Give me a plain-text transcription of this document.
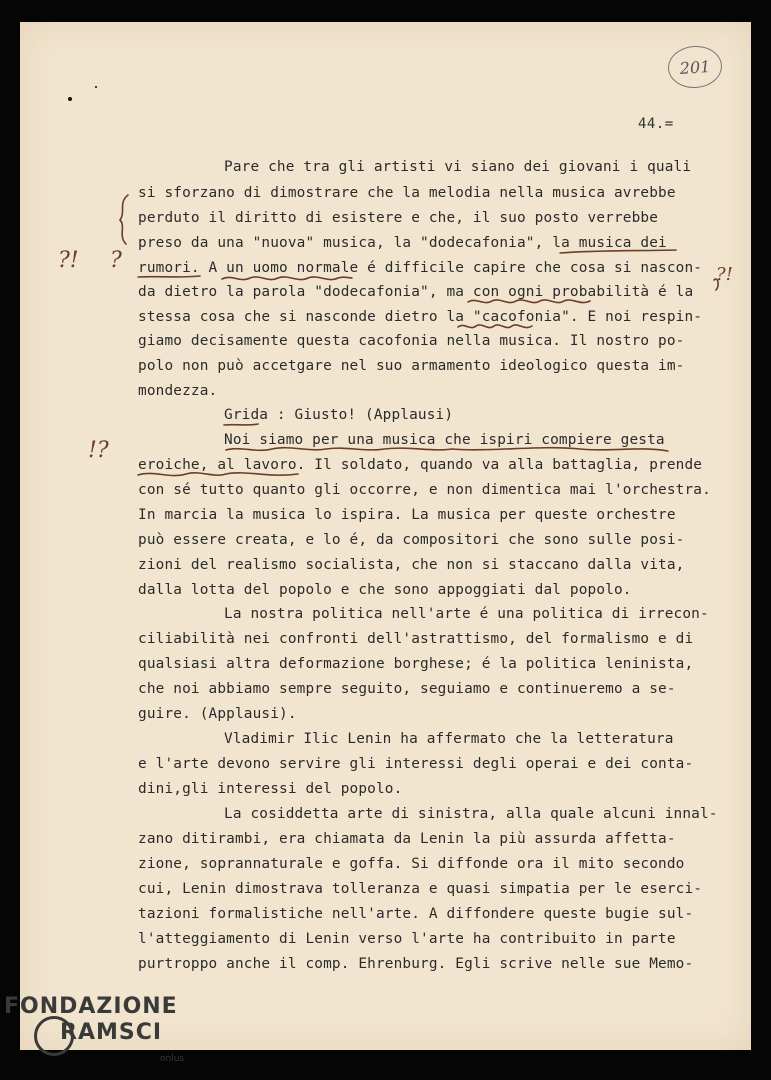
201
44.=
Pare che tra gli artisti vi siano dei giovani i quali
si sforzano di dimostrare che la melodia nella musica avrebbe
perduto il diritto di esistere e che, il suo posto verrebbe
preso da una "nuova" musica, la "dodecafonia", la musica dei
rumori. A un uomo normale é difficile capire che cosa si nascon-
da dietro la parola "dodecafonia", ma con ogni probabilità é la
stessa cosa che si nasconde dietro la "cacofonia". E noi respin-
giamo decisamente questa cacofonia nella musica. Il nostro po-
polo non può accetgare nel suo armamento ideologico questa im-
mondezza.
Grida : Giusto! (Applausi)
Noi siamo per una musica che ispiri compiere gesta
eroiche, al lavoro. Il soldato, quando va alla battaglia, prende
con sé tutto quanto gli occorre, e non dimentica mai l'orchestra.
In marcia la musica lo ispira. La musica per queste orchestre
può essere creata, e lo é, da compositori che sono sulle posi-
zioni del realismo socialista, che non si staccano dalla vita,
dalla lotta del popolo e che sono appoggiati dal popolo.
La nostra politica nell'arte é una politica di irrecon-
ciliabilità nei confronti dell'astrattismo, del formalismo e di
qualsiasi altra deformazione borghese; é la politica leninista,
che noi abbiamo sempre seguito, seguiamo e continueremo a se-
guire. (Applausi).
Vladimir Ilic Lenin ha affermato che la letteratura
e l'arte devono servire gli interessi degli operai e dei conta-
dini,gli interessi del popolo.
La cosiddetta arte di sinistra, alla quale alcuni innal-
zano ditirambi, era chiamata da Lenin la più assurda affetta-
zione, soprannaturale e goffa. Si diffonde ora il mito secondo
cui, Lenin dimostrava tolleranza e quasi simpatia per le eserci-
tazioni formalistiche nell'arte. A diffondere queste bugie sul-
l'atteggiamento di Lenin verso l'arte ha contribuito in parte
purtroppo anche il comp. Ehrenburg. Egli scrive nelle sue Memo-
?! ?
!?
?!
FONDAZIONE
RAMSCI
onlus
